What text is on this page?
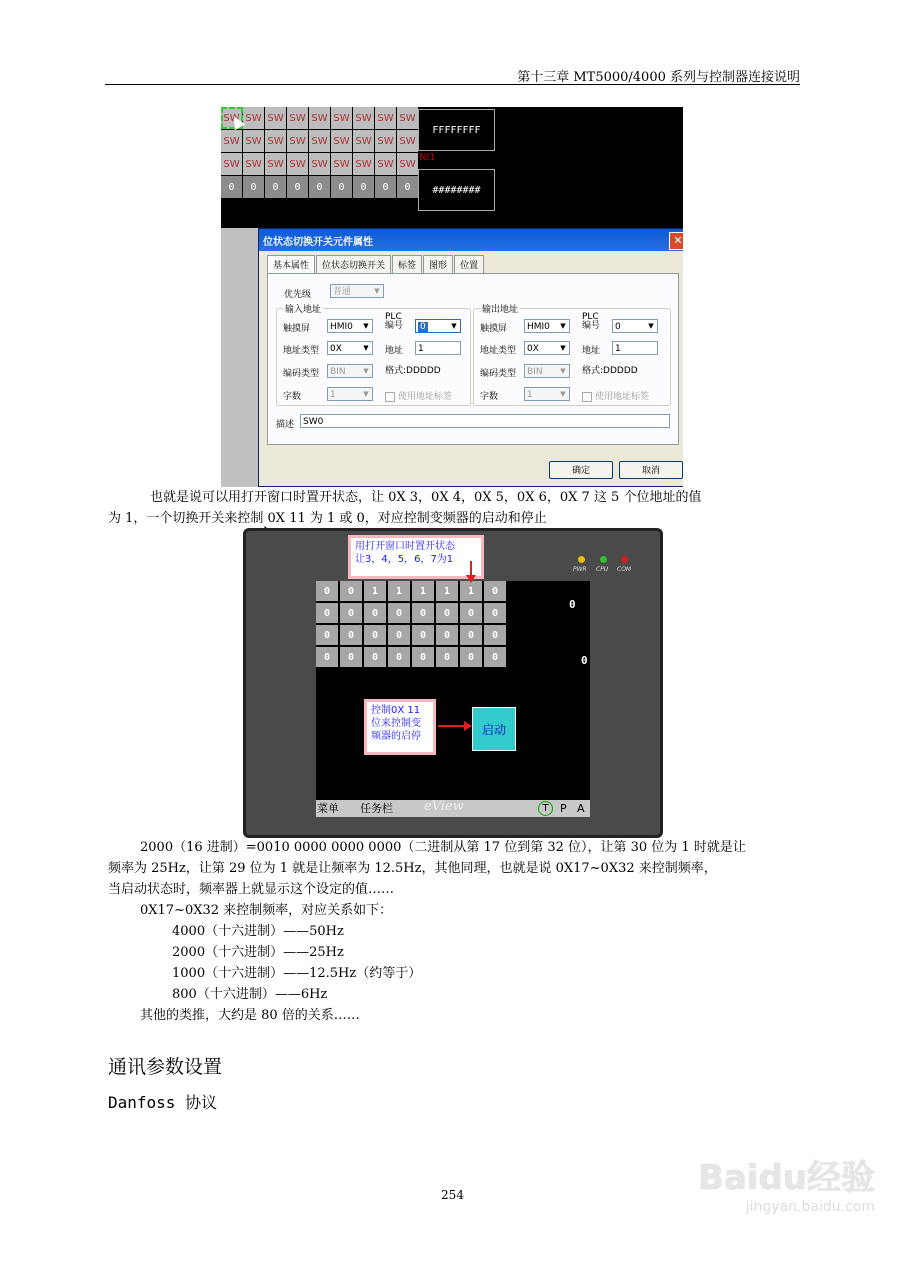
第十三章 MT5000/4000 系列与控制器连接说明
SW SW SW SW SW SW SW SW SW
SW SW SW SW SW SW SW SW SW
SW SW SW SW SW SW SW SW SW
0	0	0	0	0	0	0	0	0
FFFFFFFF
NI1
########
位状态切换开关元件属性	✕
基本属性	位状态切换开关	标签	图形	位置
优先级	普通	▼
输入地址
触摸屏	HMI0	▼
PLC
编号	0	▼
地址类型	0X	▼ 地址	1
编码类型	BIN	▼ 格式:DDDDD
字数	1	▼	使用地址标签
输出地址
触摸屏	HMI0	▼
PLC
编号	0	▼
地址类型	0X	▼ 地址	1
编码类型	BIN	▼ 格式:DDDDD
字数	1	▼	使用地址标签
描述 SW0
确定	取消
也就是说可以用打开窗口时置开状态，让 0X 3，0X 4，0X 5，0X 6，0X 7 这 5 个位地址的值
为 1，一个切换开关来控制 0X 11 为 1 或 0，对应控制变频器的启动和停止
PWR CPU COM
0	0	1	1	1	1	1	0
0	0	0	0	0	0	0	0
0	0	0	0	0	0	0	0
0	0	0	0	0	0	0	0
0
0
控制0X 11
位来控制变
频器的启停	启动
菜单 任务栏	T	P A
用打开窗口时置开状态
让3，4，5，6，7为1
eView
2000（16 进制）=0010 0000 0000 0000（二进制从第 17 位到第 32 位），让第 30 位为 1 时就是让
频率为 25Hz，让第 29 位为 1 就是让频率为 12.5Hz，其他同理，也就是说 0X17~0X32 来控制频率，
当启动状态时，频率器上就显示这个设定的值……
0X17~0X32 来控制频率，对应关系如下：
4000（十六进制）——50Hz
2000（十六进制）——25Hz
1000（十六进制）——12.5Hz（约等于）
800（十六进制）——6Hz
其他的类推，大约是 80 倍的关系……
通讯参数设置
Danfoss 协议
254	Baidu经验
jingyan.baidu.com
